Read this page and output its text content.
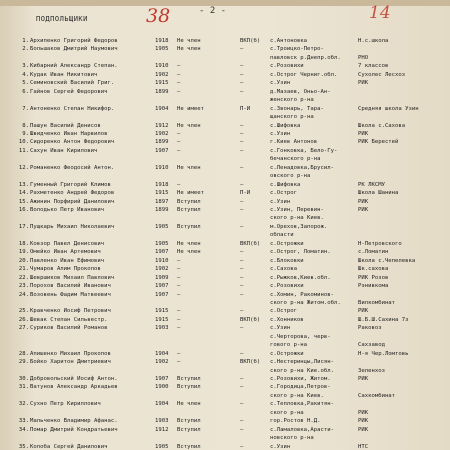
- 2 -
ПОДПОЛЬЩИКИ	38	14
1. Архипенко Григорий Федоров	1918	Не член	ВКП(б)	с.Антоновка	Н.с.школа
2. Большаков Дмитрий Наумович	1905	Не член	—	с.Троицко-Петро-
павловск р.Днепр.обл.	РНО
3. Кибарний Александр Степан.	1910	—	—	с.Розовихи	7 классов
4. Кудак Иван Никитович	1902	—	—	с.Острог Черниг.обл.	Сухолес Лесхоз
5. Семиновский Василий Григ.	1915	—	—	с.Узин	РИК
6. Гайнов Сергей Федорович	1899	—	—	д.Мазаев, Оньо-Ан-
женского р-на
7. Антоненко Степан Никифор.	1904	Не имеет	П-И	с.Звонарь, Тара-	Средняя школа Узин
щанского р-на
8. Пашун Василий Денисов	1912	Не член	—	с.Шифовка	Школа с.Сахова
9. Швидченко Иван Нарвилов	1902	—	—	с.Узин	РИК
10. Сидоренко Антон Федорович	1899	—	—	г.Киев Антонов	РИК Берестей
11. Сахун Иван Кирилович	1907	—	—	с.Гонковка, Бело-Гу-
бечанского р-на
12. Романенко Феодосий Антон.	1910	Не член	—	с.Ленадовка,Брусил-
овского р-на
13. Гуменный Григорий Климов	1918	—	—	с.Шифовка	РК ЛКСМУ
14. Рахметенко Андрей Федоров	1915	Не имеет	П-И	с.Острог	Школа Шанина
15. Ажинин Порфирий Данилович	1897	Вступил	—	с.Узин	РИК
16. Володько Петр Иванович	1899	Вступил	—	с.Узин, Перевин-	РИК
ского р-на Киев.
17. Пущкарь Михаил Николаевич	1905	Вступил	—	м.Орехов,Запорож.
области
18. Ковзор Павел Денисович	1905	Не член	ВКП(б)	с.Острожки	Н-Петровского
19. Омейко Иван Артемович	1907	Не член	—	с.Острог, Ломатин.	с.Ломатин
20. Павленко Иван Ефимович	1910	—	—	с.Блоковки	Школа с.Чепелевка
21. Чумаров Алим Прокопов	1902	—	—	с.Сахова	Шк.сахова
22. Шевршиков Михаил Павлович	1909	—	—	с.Рыжков,Киев.обл.	РИК Розов
23. Порохов Василий Иванович	1907	—	—	с.Розовихи	Рэнивкома
24. Возовень Фадим Матвеевич	1907	—	—	с.Хомин, Ракоминов-
ского р-на Житом.обл.	Вилкомбинат
25. Кравченко Иосиф Петрович	1915	—	—	с.Острог	РИК
26. Шевак Степан Сильвестр.	1915	—	ВКП(б)	с.Хонников	Ш.Б.Ш.Сахина 7з
27. Суриков Василий Романов	1903	—	—	с.Узин	Раковоз
с.Черторова, черв-
гового р-на	Сахзавод
28. Апишенко Михаил Прокопов	1904	—	—	с.Острожки	Н-я Чер.Ломтовь
29. Бойко Харитон Дмитриевич	1902	—	ВКП(б)	с.Нестеринцы,Лисян-
ского р-на Кие.обл.	Зеленхоз
30. Добровольский Иосиф Антон.	1907	Вступил	—	с.Розовихи, Житом.	РИК
31. Ватунов Александр Аркадьев	1900	Вступил	—	с.Городица,Петров-
ского р-на Киев.	Сахкомбинат
32. Сухно Петр Кириллович	1904	Не член	—	с.Тепловка,Ракитян-
ского р-на	РИК
33. Мальченко Владимир Афанас.	1903	Вступил	—	гор.Ростов Н.Д.	РИК
34. Помар Дмитрий Кондратьевич	1912	Вступил	—	с.Ламаловка,Арасти-	РИК
новского р-на
35. Копоба Сергей Данилович	1905	Вступил	—	с.Узин	НТС
